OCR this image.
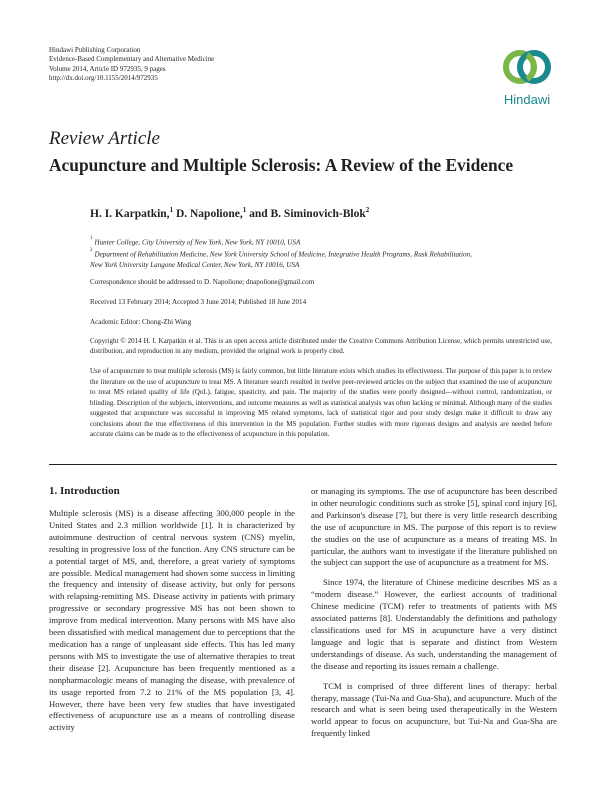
Hindawi Publishing Corporation
Evidence-Based Complementary and Alternative Medicine
Volume 2014, Article ID 972935, 9 pages
http://dx.doi.org/10.1155/2014/972935
Hindawi
Review Article
Acupuncture and Multiple Sclerosis: A Review of the Evidence
H. I. Karpatkin,$^1$ D. Napolione,$^1$ and B. Siminovich-Blok$^2$
$^1$ Hunter College, City University of New York, New York, NY 10010, USA
$^2$ Department of Rehabilitation Medicine, New York University School of Medicine, Integrative Health Programs, Rusk Rehabilitation,
New York University Langone Medical Center, New York, NY 10016, USA
Correspondence should be addressed to D. Napolione; dnapolione@gmail.com
Received 13 February 2014; Accepted 3 June 2014; Published 18 June 2014
Academic Editor: Chong-Zhi Wang
Copyright © 2014 H. I. Karpatkin et al. This is an open access article distributed under the Creative Commons Attribution License, which permits unrestricted use, distribution, and reproduction in any medium, provided the original work is properly cited.
Use of acupuncture to treat multiple sclerosis (MS) is fairly common, but little literature exists which studies its effectiveness. The purpose of this paper is to review the literature on the use of acupuncture to treat MS. A literature search resulted in twelve peer-reviewed articles on the subject that examined the use of acupuncture to treat MS related quality of life (QoL), fatigue, spasticity, and pain. The majority of the studies were poorly designed—without control, randomization, or blinding. Description of the subjects, interventions, and outcome measures as well as statistical analysis was often lacking or minimal. Although many of the studies suggested that acupuncture was successful in improving MS related symptoms, lack of statistical rigor and poor study design make it difficult to draw any conclusions about the true effectiveness of this intervention in the MS population. Further studies with more rigorous designs and analysis are needed before accurate claims can be made as to the effectiveness of acupuncture in this population.
1. Introduction

Multiple sclerosis (MS) is a disease affecting 300,000 people in the United States and 2.3 million worldwide [1]. It is characterized by autoimmune destruction of central nervous system (CNS) myelin, resulting in progressive loss of the function. Any CNS structure can be a potential target of MS, and, therefore, a great variety of symptoms are possible. Medical management had shown some success in limiting the frequency and intensity of disease activity, but only for persons with relapsing-remitting MS. Disease activity in patients with primary progressive or secondary progressive MS has not been shown to improve from medical intervention. Many persons with MS have also been dissatisfied with medical management due to perceptions that the medication has a range of unpleasant side effects. This has led many persons with MS to investigate the use of alternative therapies to treat their disease [2]. Acupuncture has been frequently mentioned as a nonpharmacologic means of managing the disease, with prevalence of its usage reported from 7.2 to 21% of the MS population [3, 4]. However, there have been very few studies that have investigated effectiveness of acupuncture use as a means of controlling disease activity

or managing its symptoms. The use of acupuncture has been described in other neurologic conditions such as stroke [5], spinal cord injury [6], and Parkinson's disease [7], but there is very little research describing the use of acupuncture in MS. The purpose of this report is to review the studies on the use of acupuncture as a means of treating MS. In particular, the authors want to investigate if the literature published on the subject can support the use of acupuncture as a treatment for MS.

Since 1974, the literature of Chinese medicine describes MS as a “modern disease.” However, the earliest accounts of traditional Chinese medicine (TCM) refer to treatments of patients with MS associated patterns [8]. Understandably the definitions and pathology classifications used for MS in acupuncture have a very distinct language and logic that is separate and distinct from Western understandings of disease. As such, understanding the management of the disease and reporting its issues remain a challenge.

TCM is comprised of three different lines of therapy: herbal therapy, massage (Tui-Na and Gua-Sha), and acupuncture. Much of the research and what is seen being used therapeutically in the Western world appear to focus on acupuncture, but Tui-Na and Gua-Sha are frequently linked
